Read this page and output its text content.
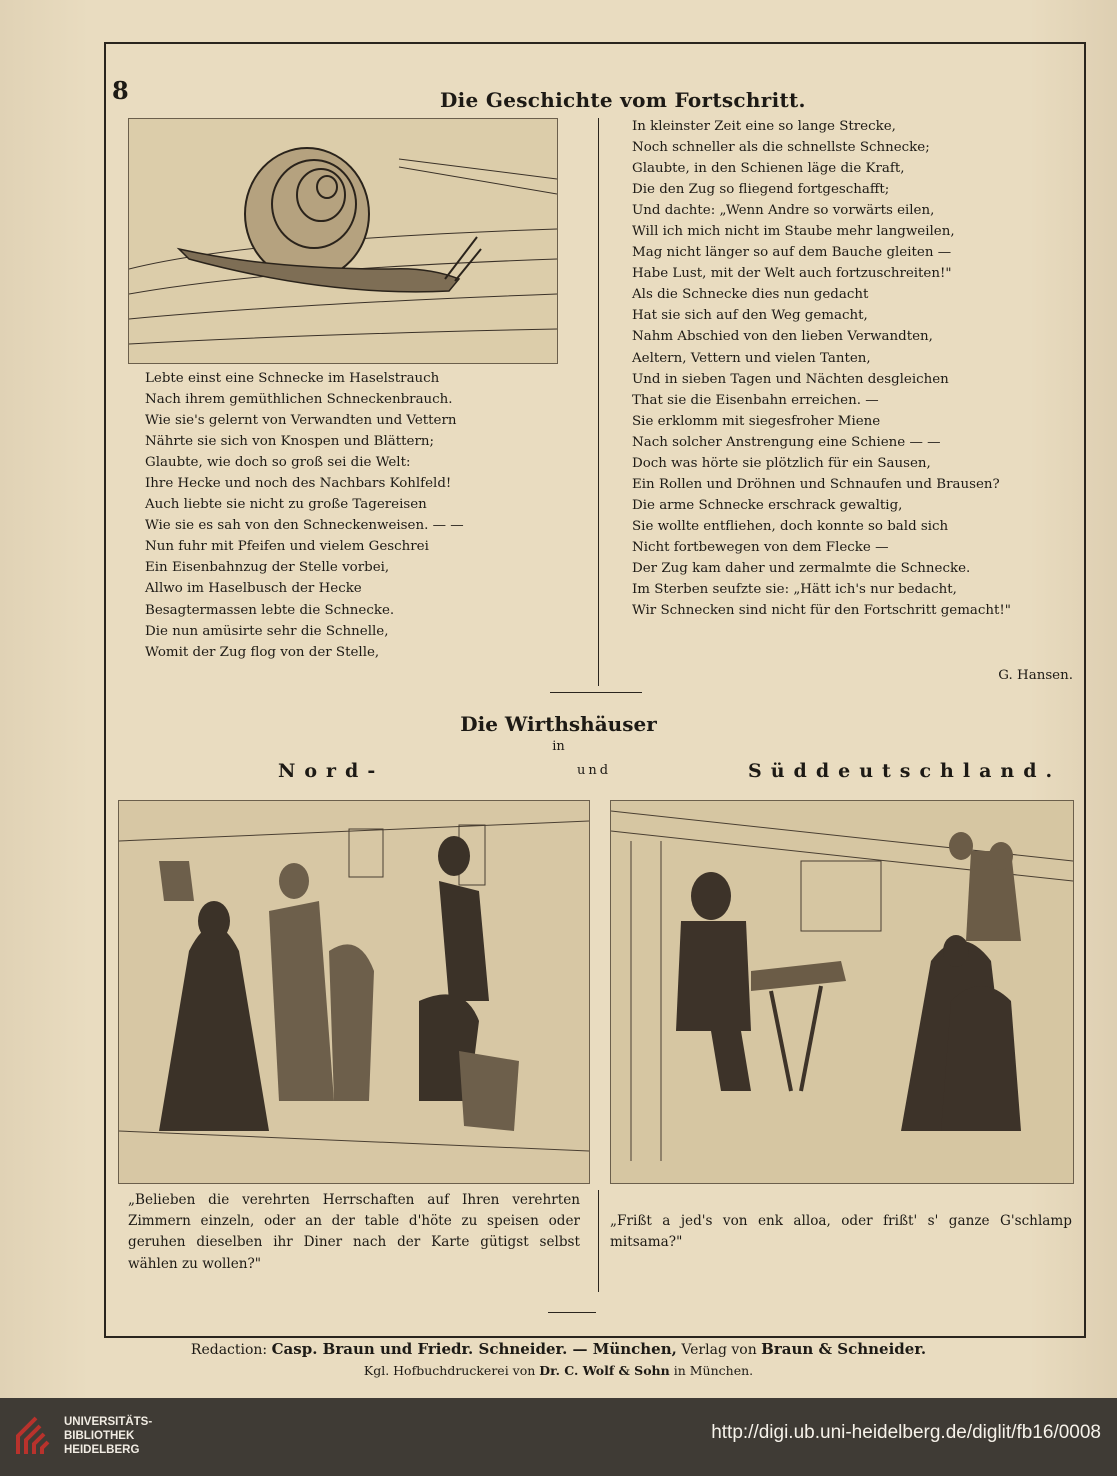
8	Die Geschichte vom Fortschritt.
Lebte einst eine Schnecke im Haselstrauch
Nach ihrem gemüthlichen Schneckenbrauch.
Wie sie's gelernt von Verwandten und Vettern
Nährte sie sich von Knospen und Blättern;
Glaubte, wie doch so groß sei die Welt:
Ihre Hecke und noch des Nachbars Kohlfeld!
Auch liebte sie nicht zu große Tagereisen
Wie sie es sah von den Schneckenweisen. — —
Nun fuhr mit Pfeifen und vielem Geschrei
Ein Eisenbahnzug der Stelle vorbei,
Allwo im Haselbusch der Hecke
Besagtermassen lebte die Schnecke.
Die nun amüsirte sehr die Schnelle,
Womit der Zug flog von der Stelle,
In kleinster Zeit eine so lange Strecke,
Noch schneller als die schnellste Schnecke;
Glaubte, in den Schienen läge die Kraft,
Die den Zug so fliegend fortgeschafft;
Und dachte: „Wenn Andre so vorwärts eilen,
Will ich mich nicht im Staube mehr langweilen,
Mag nicht länger so auf dem Bauche gleiten —
Habe Lust, mit der Welt auch fortzuschreiten!"
Als die Schnecke dies nun gedacht
Hat sie sich auf den Weg gemacht,
Nahm Abschied von den lieben Verwandten,
Aeltern, Vettern und vielen Tanten,
Und in sieben Tagen und Nächten desgleichen
That sie die Eisenbahn erreichen. —
Sie erklomm mit siegesfroher Miene
Nach solcher Anstrengung eine Schiene — —
Doch was hörte sie plötzlich für ein Sausen,
Ein Rollen und Dröhnen und Schnaufen und Brausen?
Die arme Schnecke erschrack gewaltig,
Sie wollte entfliehen, doch konnte so bald sich
Nicht fortbewegen von dem Flecke —
Der Zug kam daher und zermalmte die Schnecke.
Im Sterben seufzte sie: „Hätt ich's nur bedacht,
Wir Schnecken sind nicht für den Fortschritt gemacht!"
G. Hansen.
Die Wirthshäuser
in
Nord-	und	Süddeutschland.
„Belieben die verehrten Herrschaften auf Ihren verehrten Zimmern einzeln, oder an der table d'höte zu speisen oder geruhen dieselben ihr Diner nach der Karte gütigst selbst wählen zu wollen?"
„Frißt a jed's von enk alloa, oder frißt' s' ganze G'schlamp mitsama?"
Redaction: Casp. Braun und Friedr. Schneider. — München, Verlag von Braun & Schneider.
Kgl. Hofbuchdruckerei von Dr. C. Wolf & Sohn in München.
UNIVERSITÄTS-
BIBLIOTHEK
HEIDELBERG
http://digi.ub.uni-heidelberg.de/diglit/fb16/0008
